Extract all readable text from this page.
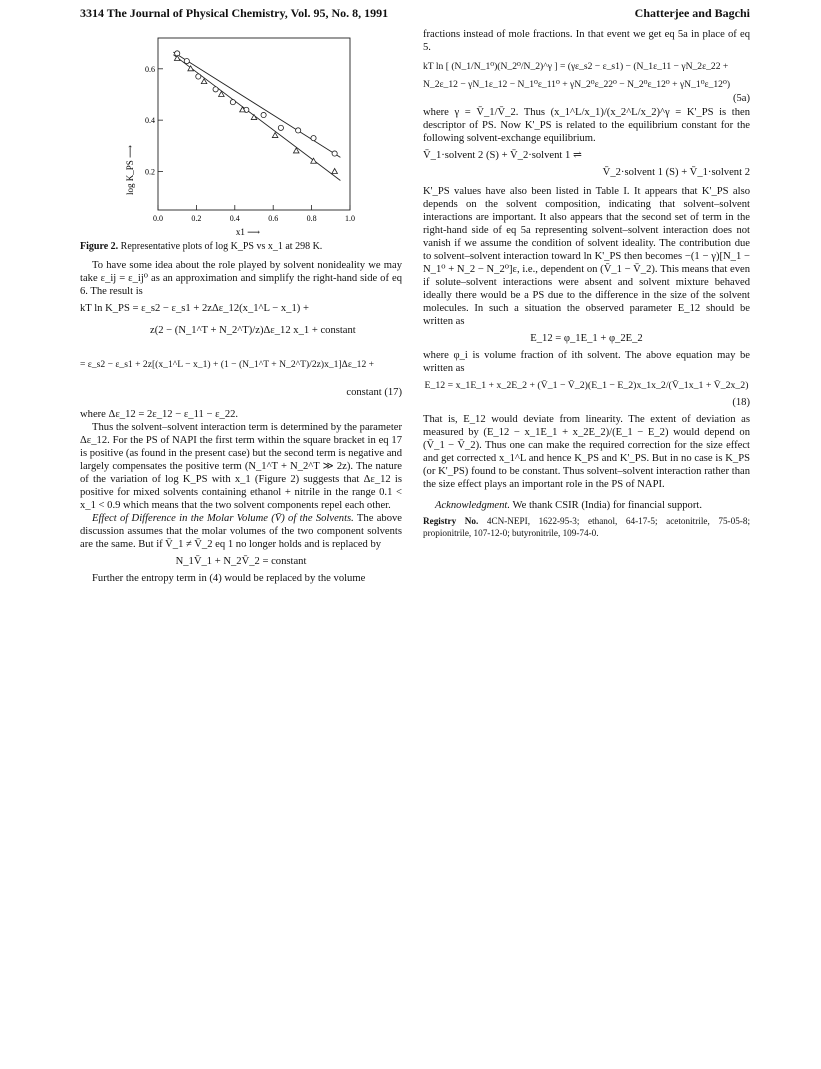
3314 The Journal of Physical Chemistry, Vol. 95, No. 8, 1991	Chatterjee and Bagchi
0.6
0.4
0.2
0.0	0.2	0.4	0.6	0.8	1.0
log K_PS ⟶
x1 ⟶

Figure 2. Representative plots of log K_PS vs x_1 at 298 K.

To have some idea about the role played by solvent nonideality we may take ε_ij = ε_ij⁰ as an approximation and simplify the right-hand side of eq 6. The result is

kT ln K_PS = ε_s2 − ε_s1 + 2zΔε_12(x_1^L − x_1) +
z(2 − (N_1^T + N_2^T)/z)Δε_12 x_1 + constant
= ε_s2 − ε_s1 + 2z[(x_1^L − x_1) + (1 − (N_1^T + N_2^T)/2z)x_1]Δε_12 +
constant (17)

where Δε_12 = 2ε_12 − ε_11 − ε_22.

Thus the solvent–solvent interaction term is determined by the parameter Δε_12. For the PS of NAPI the first term within the square bracket in eq 17 is positive (as found in the present case) but the second term is negative and largely compensates the positive term (N_1^T + N_2^T ≫ 2z). The nature of the variation of log K_PS with x_1 (Figure 2) suggests that Δε_12 is positive for mixed solvents containing ethanol + nitrile in the range 0.1 < x_1 < 0.9 which means that the two solvent components repel each other.

Effect of Difference in the Molar Volume (V̄) of the Solvents. The above discussion assumes that the molar volumes of the two component solvents are the same. But if V̄_1 ≠ V̄_2 eq 1 no longer holds and is replaced by

N_1V̄_1 + N_2V̄_2 = constant

Further the entropy term in (4) would be replaced by the volume

fractions instead of mole fractions. In that event we get eq 5a in place of eq 5.

kT ln [ (N_1/N_1⁰)(N_2⁰/N_2)^γ ] = (γε_s2 − ε_s1) − (N_1ε_11 − γN_2ε_22 +
N_2ε_12 − γN_1ε_12 − N_1⁰ε_11⁰ + γN_2⁰ε_22⁰ − N_2⁰ε_12⁰ + γN_1⁰ε_12⁰)
(5a)

where γ = V̄_1/V̄_2. Thus (x_1^L/x_1)/(x_2^L/x_2)^γ = K'_PS is then descriptor of PS. Now K'_PS is related to the equilibrium constant for the following solvent-exchange equilibrium.

V̄_1·solvent 2 (S) + V̄_2·solvent 1 ⇌
V̄_2·solvent 1 (S) + V̄_1·solvent 2

K'_PS values have also been listed in Table I. It appears that K'_PS also depends on the solvent composition, indicating that solvent–solvent interactions are important. It also appears that the second set of term in the right-hand side of eq 5a representing solvent–solvent interaction does not vanish if we assume the condition of solvent ideality. The contribution due to solvent–solvent interaction toward ln K'_PS then becomes −(1 − γ)[N_1 − N_1⁰ + N_2 − N_2⁰]ε, i.e., dependent on (V̄_1 − V̄_2). This means that even if solute–solvent interactions were absent and solvent mixture behaved ideally there would be a PS due to the difference in the size of the solvent molecules. In such a situation the observed parameter E_12 should be written as

E_12 = φ_1E_1 + φ_2E_2

where φ_i is volume fraction of ith solvent. The above equation may be written as

E_12 = x_1E_1 + x_2E_2 + (V̄_1 − V̄_2)(E_1 − E_2)x_1x_2/(V̄_1x_1 + V̄_2x_2)
(18)

That is, E_12 would deviate from linearity. The extent of deviation as measured by (E_12 − x_1E_1 + x_2E_2)/(E_1 − E_2) would depend on (V̄_1 − V̄_2). Thus one can make the required correction for the size effect and get corrected x_1^L and hence K_PS and K'_PS. But in no case is K_PS (or K'_PS) found to be constant. Thus solvent–solvent interaction rather than the size effect plays an important role in the PS of NAPI.

Acknowledgment. We thank CSIR (India) for financial support.

Registry No. 4CN-NEPI, 1622-95-3; ethanol, 64-17-5; acetonitrile, 75-05-8; propionitrile, 107-12-0; butyronitrile, 109-74-0.
